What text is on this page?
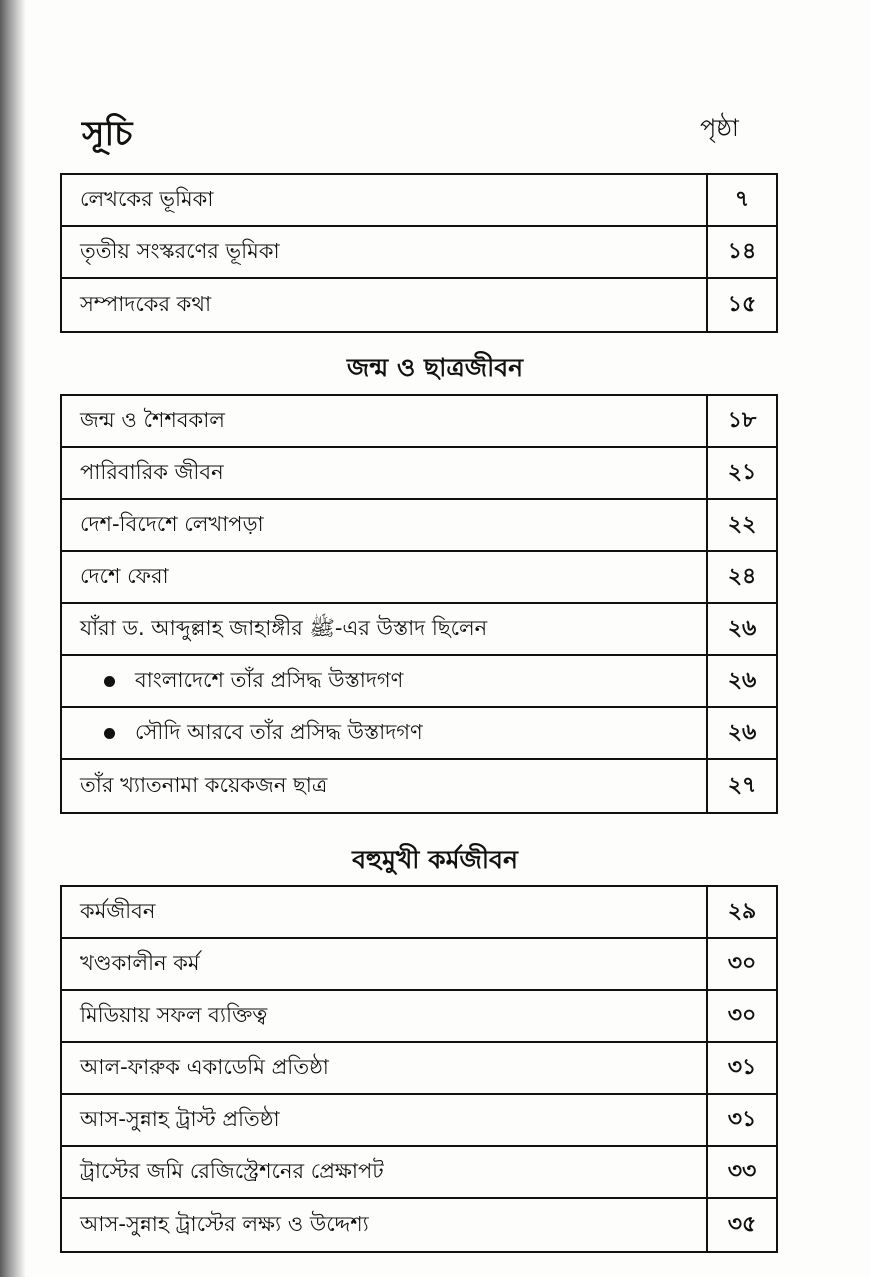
সূচি	পৃষ্ঠা
লেখকের ভূমিকা	৭
তৃতীয় সংস্করণের ভূমিকা	১৪
সম্পাদকের কথা	১৫
জন্ম ও ছাত্রজীবন
জন্ম ও শৈশবকাল	১৮
পারিবারিক জীবন	২১
দেশ-বিদেশে লেখাপড়া	২২
দেশে ফেরা	২৪
যাঁরা ড. আব্দুল্লাহ জাহাঙ্গীর ﷺ-এর উস্তাদ ছিলেন	২৬
বাংলাদেশে তাঁর প্রসিদ্ধ উস্তাদগণ	২৬
সৌদি আরবে তাঁর প্রসিদ্ধ উস্তাদগণ	২৬
তাঁর খ্যাতনামা কয়েকজন ছাত্র	২৭
বহুমুখী কর্মজীবন
কর্মজীবন	২৯
খণ্ডকালীন কর্ম	৩০
মিডিয়ায় সফল ব্যক্তিত্ব	৩০
আল-ফারুক একাডেমি প্রতিষ্ঠা	৩১
আস-সুন্নাহ ট্রাস্ট প্রতিষ্ঠা	৩১
ট্রাস্টের জমি রেজিস্ট্রেশনের প্রেক্ষাপট	৩৩
আস-সুন্নাহ ট্রাস্টের লক্ষ্য ও উদ্দেশ্য	৩৫
